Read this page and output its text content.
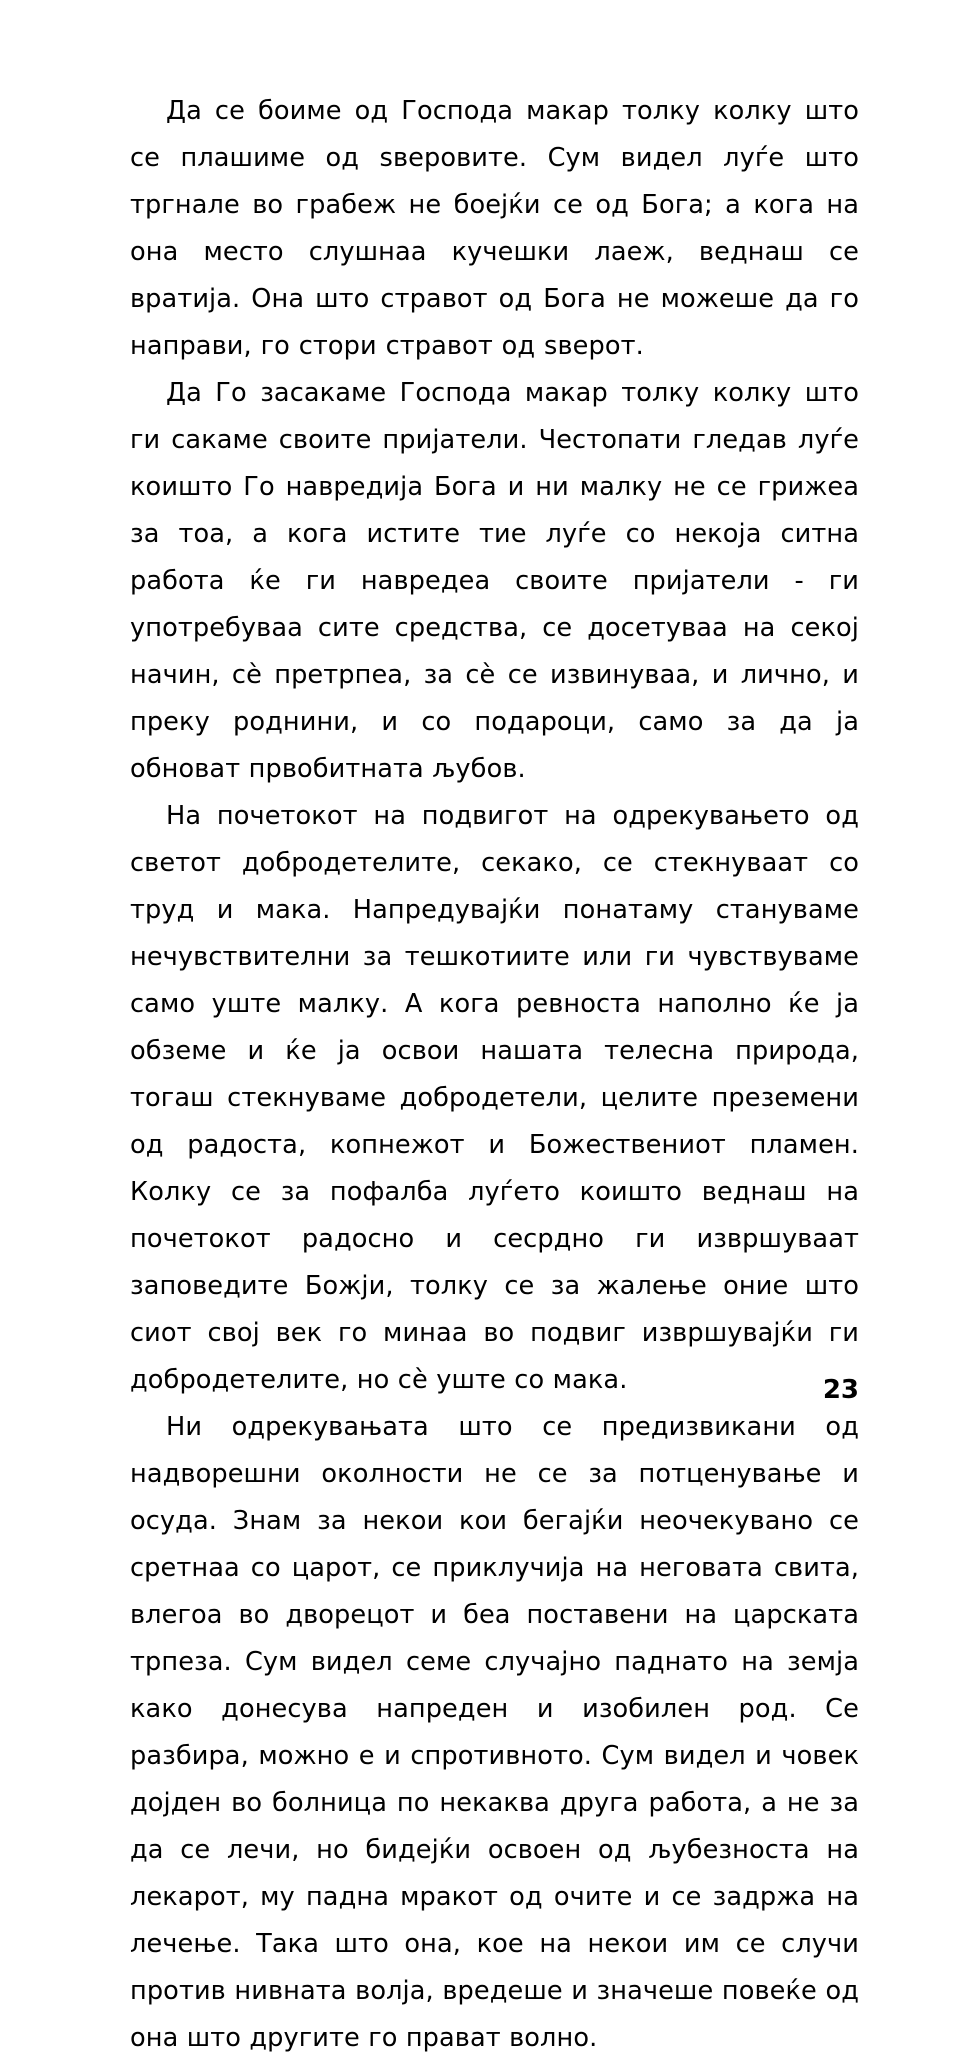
Да се боиме од Господа макар толку колку што се плашиме од ѕверовите. Сум видел луѓе што тргнале во грабеж не боејќи се од Бога; а кога на она место слушнаа кучешки лаеж, веднаш се вратија. Она што стравот од Бога не можеше да го направи, го стори стравот од ѕверот.

Да Го засакаме Господа макар толку колку што ги сакаме своите пријатели. Честопати гледав луѓе коишто Го навредија Бога и ни малку не се грижеа за тоа, а кога истите тие луѓе со некоја ситна работа ќе ги навредеа своите пријатели - ги употребуваа сите средства, се досетуваа на секој начин, сè претрпеа, за сè се извинуваа, и лично, и преку роднини, и со подароци, само за да ја обноват првобитната љубов.

На почетокот на подвигот на одрекувањето од светот добродетелите, секако, се стекнуваат со труд и мака. Напредувајќи понатаму стануваме нечувствителни за тешкотиите или ги чувствуваме само уште малку. А кога ревноста наполно ќе ја обземе и ќе ја освои нашата телесна природа, тогаш стекнуваме добродетели, целите преземени од радоста, копнежот и Божествениот пламен. Колку се за пофалба луѓето коишто веднаш на почетокот радосно и сесрдно ги извршуваат заповедите Божји, толку се за жалење оние што сиот свој век го минаа во подвиг извршувајќи ги добродетелите, но сè уште со мака.

Ни одрекувањата што се предизвикани од надворешни околности не се за потценување и осуда. Знам за некои кои бегајќи неочекувано се сретнаа со царот, се приклучија на неговата свита, влегоа во дворецот и беа поставени на царската трпеза. Сум видел семе случајно паднато на земја како донесува напреден и изобилен род. Се разбира, можно е и спротивното. Сум видел и човек дојден во болница по некаква друга работа, а не за да се лечи, но бидејќи освоен од љубезноста на лекарот, му падна мракот од очите и се задржа на лечење. Така што она, кое на некои им се случи против нивната волја, вредеше и значеше повеќе од она што другите го прават волно.

23
